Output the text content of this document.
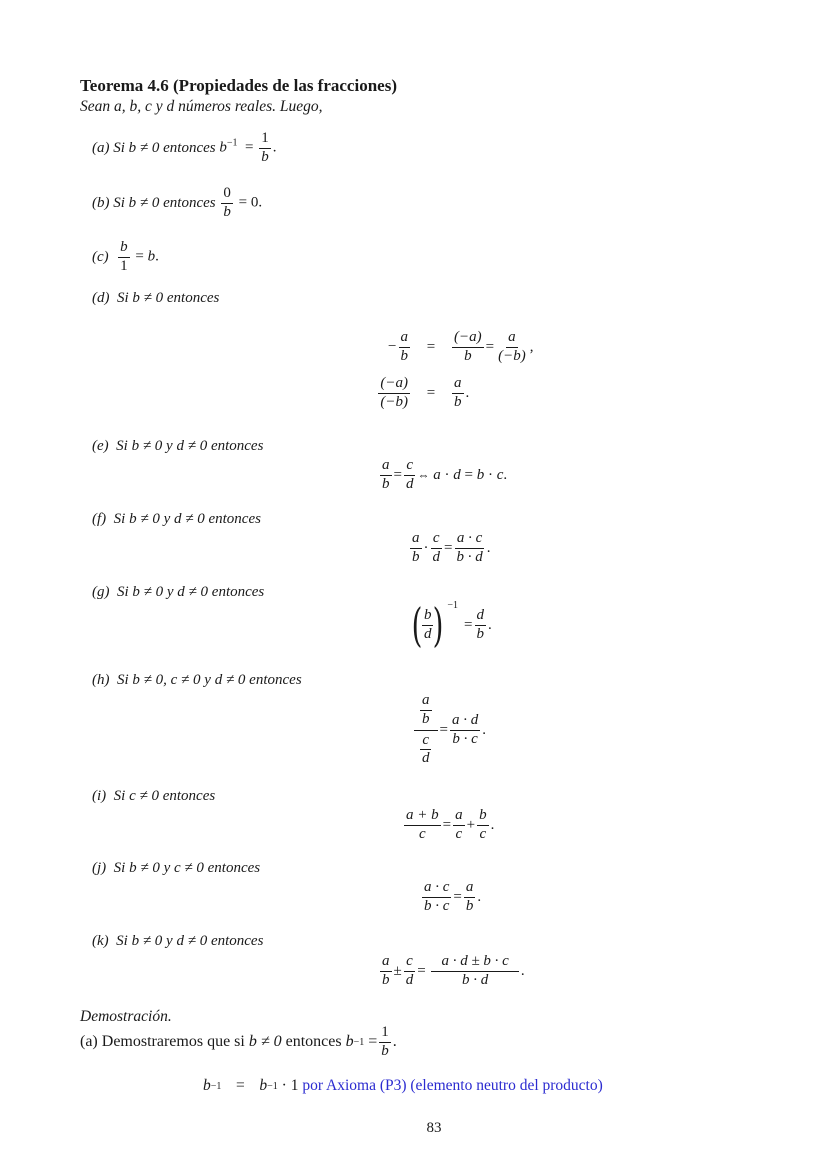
Teorema 4.6 (Propiedades de las fracciones)
Sean a, b, c y d números reales. Luego,
(a)
Si b ≠ 0 entonces
$b^{-1} = \frac{1}{b}$ .
(b)
Si b ≠ 0 entonces
$\frac{0}{b} = 0$.
(c)
$\frac{b}{1} = b$.
(d) Si b ≠ 0 entonces
− $\frac{a}{b}$	=	$\frac{(-a)}{b} = \frac{a}{(-b)}$ ,
$\frac{(-a)}{(-b)}$	=	$\frac{a}{b}$ .
(e) Si b ≠ 0 y d ≠ 0 entonces
$\frac{a}{b} = \frac{c}{d}$ ⇔
a
·
d
=
b
·
c .
(f) Si b ≠ 0 y d ≠ 0 entonces
$\frac{a}{b} \cdot \frac{c}{d} = \frac{a \cdot c}{b \cdot d}$ .
(g) Si b ≠ 0 y d ≠ 0 entonces
( $\frac{b}{d}$ ) −1
= $\frac{d}{b}$ .
(h) Si b ≠ 0, c ≠ 0 y d ≠ 0 entonces
$\frac{\frac{a}{b}}{\frac{c}{d}} = \frac{a \cdot d}{b \cdot c}$ .
(i) Si c ≠ 0 entonces
$\frac{a + b}{c} = \frac{a}{c} + \frac{b}{c}$ .
(j) Si b ≠ 0 y c ≠ 0 entonces
$\frac{a \cdot c}{b \cdot c} = \frac{a}{b}$ .
(k) Si b ≠ 0 y d ≠ 0 entonces
$\frac{a}{b} \pm \frac{c}{d}$ =
$\frac{a \cdot d \pm b \cdot c}{b \cdot d}$ .
Demostración.
(a) Demostraremos que si
b ≠ 0
entonces
b −1
= $\frac{1}{b}$ .
b −1 = b −1
· 1
por Axioma (P3) (elemento neutro del producto)
83
